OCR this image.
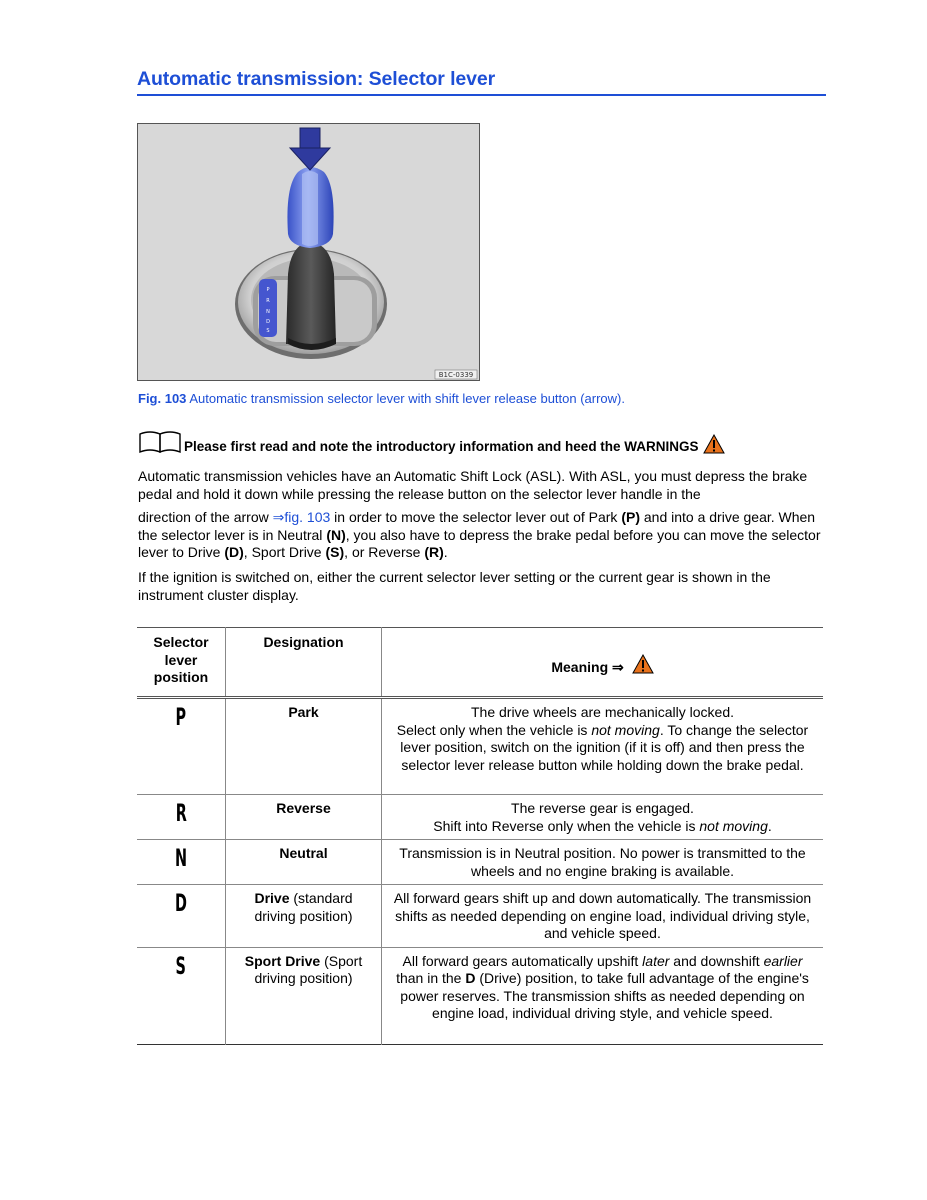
Automatic transmission: Selector lever
P
R
N
D
S
B1C-0339
Fig. 103 Automatic transmission selector lever with shift lever release button (arrow).
Please first read and note the introductory information and heed the WARNINGS
Automatic transmission vehicles have an Automatic Shift Lock (ASL). With ASL, you must depress the brake pedal and hold it down while pressing the release button on the selector lever handle in the
direction of the arrow ⇒fig. 103 in order to move the selector lever out of Park (P) and into a drive gear. When the selector lever is in Neutral (N), you also have to depress the brake pedal before you can move the selector lever to Drive (D), Sport Drive (S), or Reverse (R).
If the ignition is switched on, either the current selector lever setting or the current gear is shown in the instrument cluster display.
Selector lever position	Designation	Meaning ⇒
P	Park	The drive wheels are mechanically locked.
Select only when the vehicle is not moving. To change the selector lever position, switch on the ignition (if it is off) and then press the selector lever release button while holding down the brake pedal.
R	Reverse	The reverse gear is engaged.
Shift into Reverse only when the vehicle is not moving.
N	Neutral	Transmission is in Neutral position. No power is transmitted to the wheels and no engine braking is available.
D	Drive (standard driving position)	All forward gears shift up and down automatically. The transmission shifts as needed depending on engine load, individual driving style, and vehicle speed.
S	Sport Drive (Sport driving position)	All forward gears automatically upshift later and downshift earlier than in the D (Drive) position, to take full advantage of the engine's power reserves. The transmission shifts as needed depending on engine load, individual driving style, and vehicle speed.
